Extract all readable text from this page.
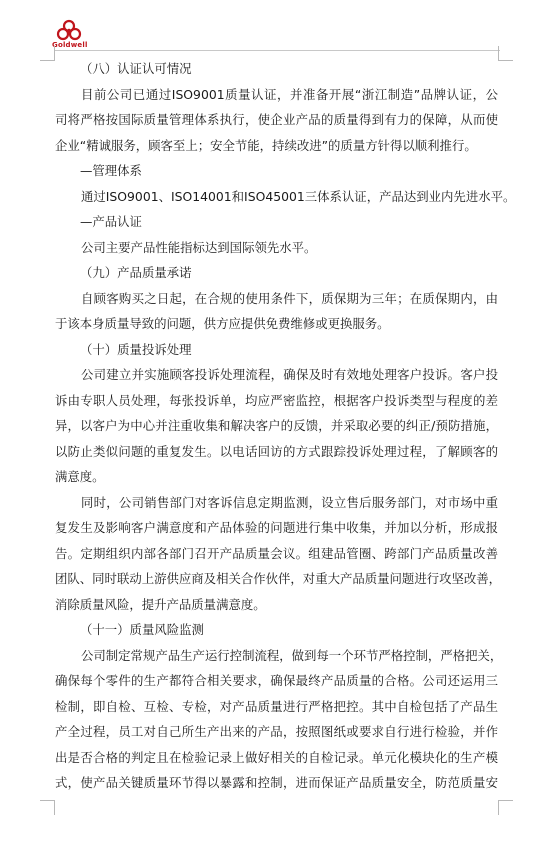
Goldwell
（八）认证认可情况
目前公司已通过ISO9001质量认证，并准备开展“浙江制造”品牌认证，公
司将严格按国际质量管理体系执行，使企业产品的质量得到有力的保障，从而使
企业“精诚服务，顾客至上；安全节能，持续改进”的质量方针得以顺利推行。
—管理体系
通过ISO9001、ISO14001和ISO45001三体系认证，产品达到业内先进水平。
—产品认证
公司主要产品性能指标达到国际领先水平。
（九）产品质量承诺
自顾客购买之日起，在合规的使用条件下，质保期为三年；在质保期内，由
于该本身质量导致的问题，供方应提供免费维修或更换服务。
（十）质量投诉处理
公司建立并实施顾客投诉处理流程，确保及时有效地处理客户投诉。客户投
诉由专职人员处理，每张投诉单，均应严密监控，根据客户投诉类型与程度的差
异，以客户为中心并注重收集和解决客户的反馈，并采取必要的纠正/预防措施，
以防止类似问题的重复发生。以电话回访的方式跟踪投诉处理过程，了解顾客的
满意度。
同时，公司销售部门对客诉信息定期监测，设立售后服务部门，对市场中重
复发生及影响客户满意度和产品体验的问题进行集中收集，并加以分析，形成报
告。定期组织内部各部门召开产品质量会议。组建品管圈、跨部门产品质量改善
团队、同时联动上游供应商及相关合作伙伴，对重大产品质量问题进行攻坚改善，
消除质量风险，提升产品质量满意度。
（十一）质量风险监测
公司制定常规产品生产运行控制流程，做到每一个环节严格控制，严格把关，
确保每个零件的生产都符合相关要求，确保最终产品质量的合格。公司还运用三
检制，即自检、互检、专检，对产品质量进行严格把控。其中自检包括了产品生
产全过程，员工对自己所生产出来的产品，按照图纸或要求自行进行检验，并作
出是否合格的判定且在检验记录上做好相关的自检记录。单元化模块化的生产模
式，使产品关键质量环节得以暴露和控制，进而保证产品质量安全，防范质量安
